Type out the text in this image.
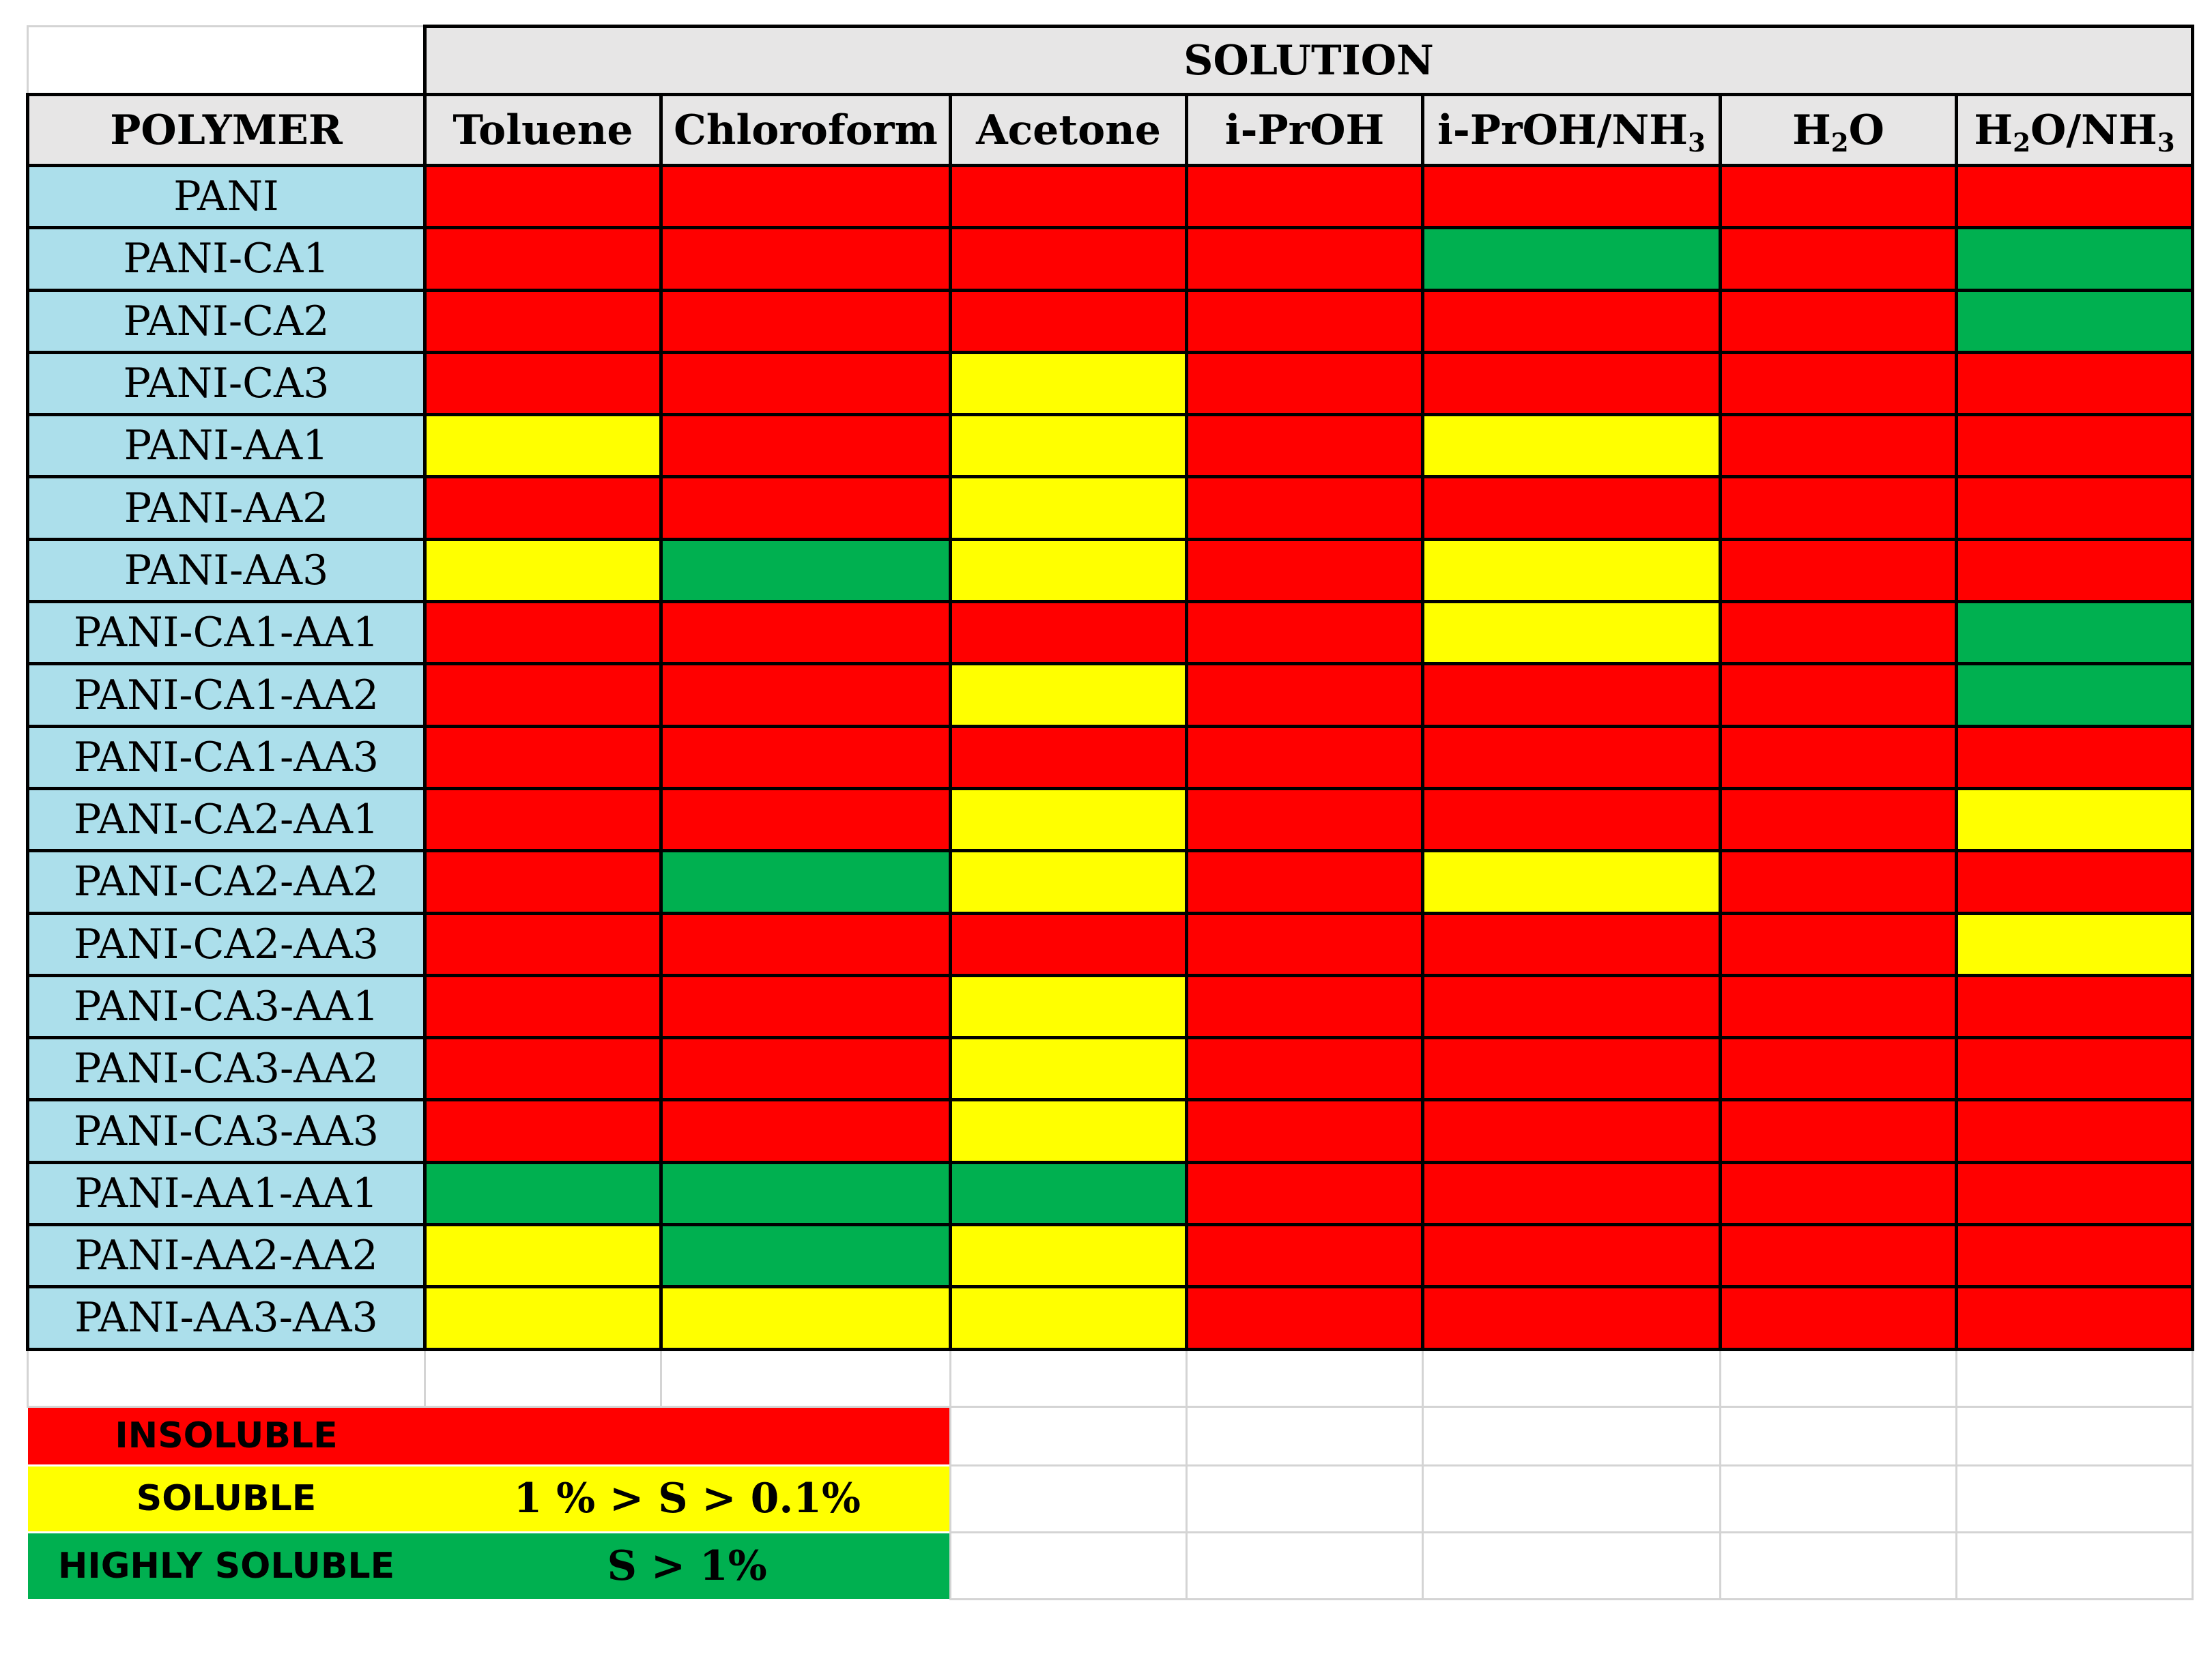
	SOLUTION						
POLYMER	Toluene	Chloroform	Acetone	i-PrOH	$i-PrOH/NH_3$	$H_2O$	$H_2O/NH_3$
PANI							
PANI-CA1							
PANI-CA2							
PANI-CA3							
PANI-AA1							
PANI-AA2							
PANI-AA3							
PANI-CA1-AA1							
PANI-CA1-AA2							
PANI-CA1-AA3							
PANI-CA2-AA1							
PANI-CA2-AA2							
PANI-CA2-AA3							
PANI-CA3-AA1							
PANI-CA3-AA2							
PANI-CA3-AA3							
PANI-AA1-AA1							
PANI-AA2-AA2							
PANI-AA3-AA3							

INSOLUBLE							
SOLUBLE	1 % > S > 0.1%						
HIGHLY SOLUBLE	S > 1%						
